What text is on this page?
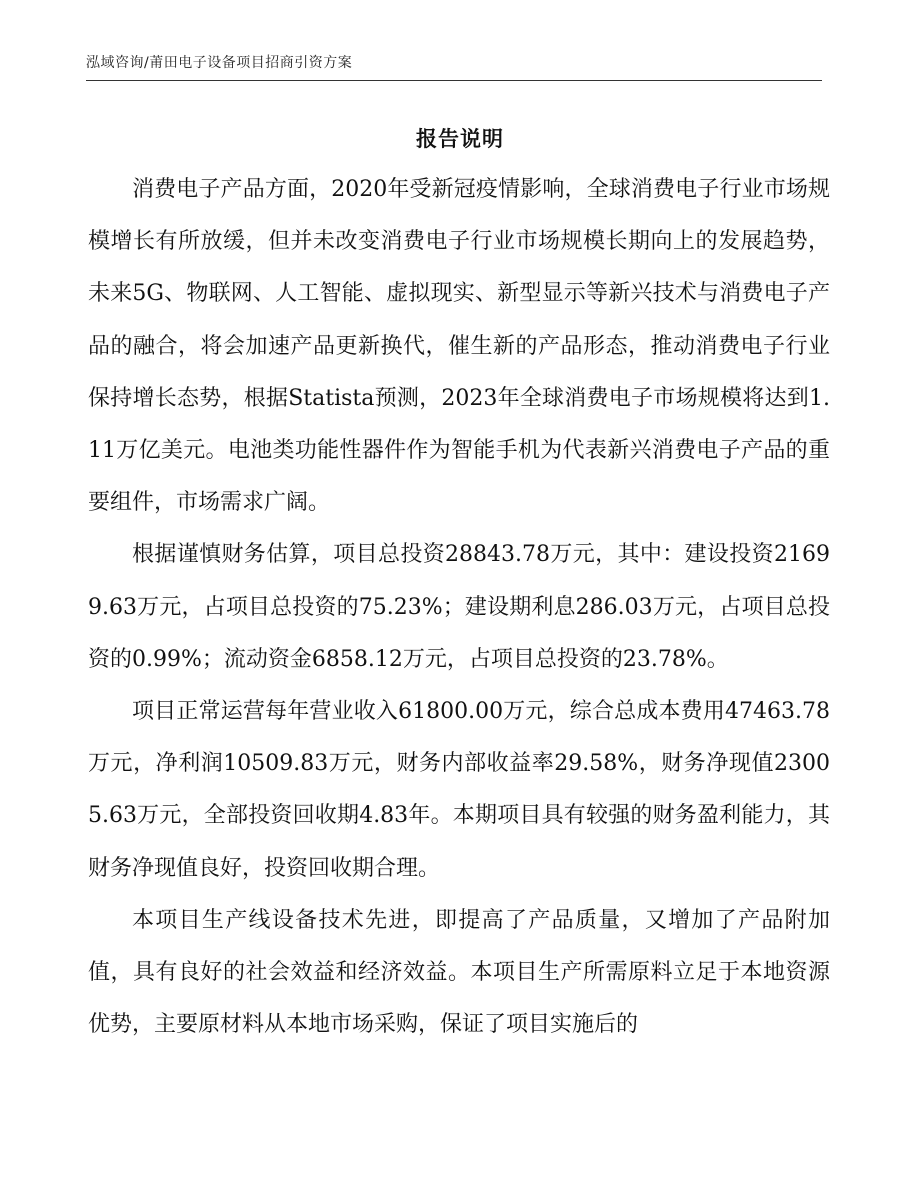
泓域咨询/莆田电子设备项目招商引资方案
报告说明

消费电子产品方面，2020年受新冠疫情影响，全球消费电子行业市场规模增长有所放缓，但并未改变消费电子行业市场规模长期向上的发展趋势，未来5G、物联网、人工智能、虚拟现实、新型显示等新兴技术与消费电子产品的融合，将会加速产品更新换代，催生新的产品形态，推动消费电子行业保持增长态势，根据Statista预测，2023年全球消费电子市场规模将达到1.11万亿美元。电池类功能性器件作为智能手机为代表新兴消费电子产品的重要组件，市场需求广阔。

根据谨慎财务估算，项目总投资28843.78万元，其中：建设投资21699.63万元，占项目总投资的75.23%；建设期利息286.03万元，占项目总投资的0.99%；流动资金6858.12万元，占项目总投资的23.78%。

项目正常运营每年营业收入61800.00万元，综合总成本费用47463.78万元，净利润10509.83万元，财务内部收益率29.58%，财务净现值23005.63万元，全部投资回收期4.83年。本期项目具有较强的财务盈利能力，其财务净现值良好，投资回收期合理。

本项目生产线设备技术先进，即提高了产品质量，又增加了产品附加值，具有良好的社会效益和经济效益。本项目生产所需原料立足于本地资源优势，主要原材料从本地市场采购，保证了项目实施后的
